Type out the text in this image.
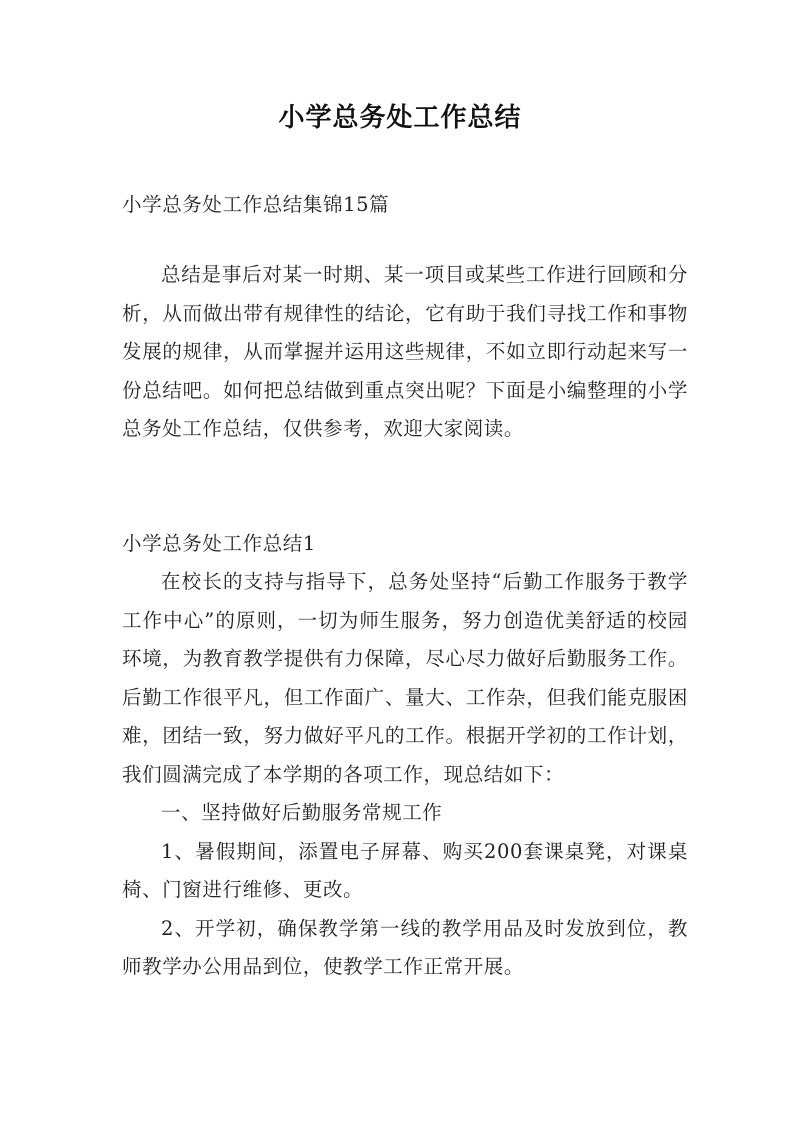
小学总务处工作总结
小学总务处工作总结集锦15篇
总结是事后对某一时期、某一项目或某些工作进行回顾和分析，从而做出带有规律性的结论，它有助于我们寻找工作和事物发展的规律，从而掌握并运用这些规律，不如立即行动起来写一份总结吧。如何把总结做到重点突出呢？下面是小编整理的小学总务处工作总结，仅供参考，欢迎大家阅读。
小学总务处工作总结1

在校长的支持与指导下，总务处坚持“后勤工作服务于教学工作中心”的原则，一切为师生服务，努力创造优美舒适的校园环境，为教育教学提供有力保障，尽心尽力做好后勤服务工作。后勤工作很平凡，但工作面广、量大、工作杂，但我们能克服困难，团结一致，努力做好平凡的工作。根据开学初的工作计划，我们圆满完成了本学期的各项工作，现总结如下：

一、坚持做好后勤服务常规工作

1、暑假期间，添置电子屏幕、购买200套课桌凳，对课桌椅、门窗进行维修、更改。

2、开学初，确保教学第一线的教学用品及时发放到位，教师教学办公用品到位，使教学工作正常开展。
